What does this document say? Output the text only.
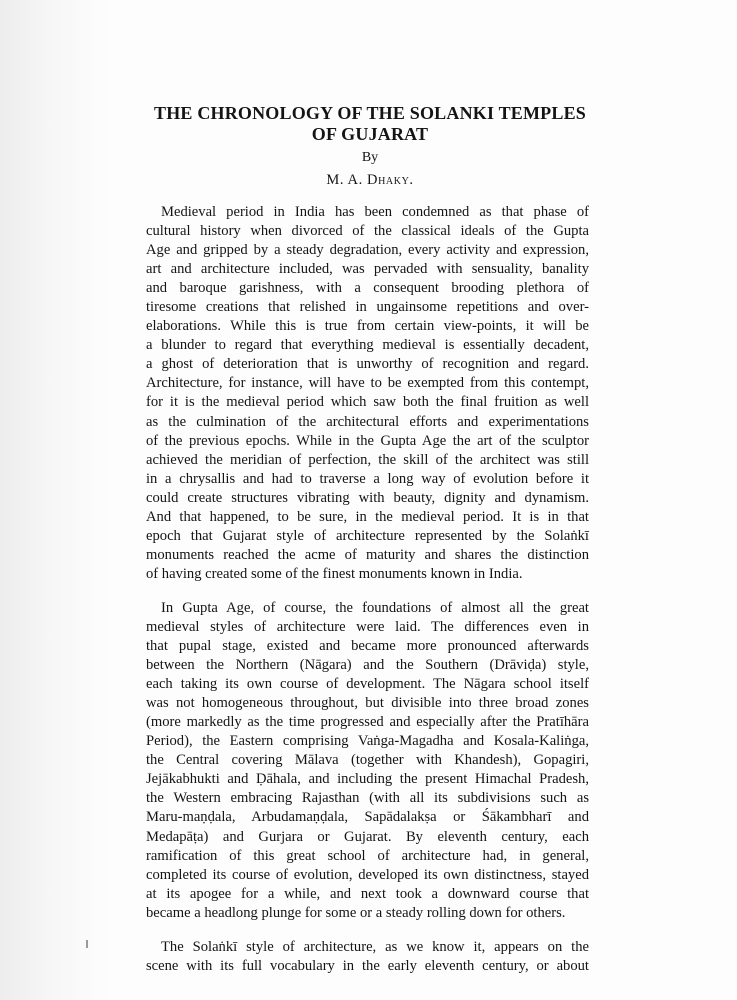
THE CHRONOLOGY OF THE SOLANKI TEMPLES
OF GUJARAT

By

M. A. Dhaky.

Medieval period in India has been condemned as that phase of
cultural history when divorced of the classical ideals of the Gupta
Age and gripped by a steady degradation, every activity and expression,
art and architecture included, was pervaded with sensuality, banality
and baroque garishness, with a consequent brooding plethora of
tiresome creations that relished in ungainsome repetitions and over-
elaborations. While this is true from certain view-points, it will be
a blunder to regard that everything medieval is essentially decadent,
a ghost of deterioration that is unworthy of recognition and regard.
Architecture, for instance, will have to be exempted from this contempt,
for it is the medieval period which saw both the final fruition as well
as the culmination of the architectural efforts and experimentations
of the previous epochs. While in the Gupta Age the art of the sculptor
achieved the meridian of perfection, the skill of the architect was still
in a chrysallis and had to traverse a long way of evolution before it
could create structures vibrating with beauty, dignity and dynamism.
And that happened, to be sure, in the medieval period. It is in that
epoch that Gujarat style of architecture represented by the Solaṅkī
monuments reached the acme of maturity and shares the distinction
of having created some of the finest monuments known in India.

In Gupta Age, of course, the foundations of almost all the great
medieval styles of architecture were laid. The differences even in
that pupal stage, existed and became more pronounced afterwards
between the Northern (Nāgara) and the Southern (Drāviḍa) style,
each taking its own course of development. The Nāgara school itself
was not homogeneous throughout, but divisible into three broad zones
(more markedly as the time progressed and especially after the Pratīhāra
Period), the Eastern comprising Vaṅga-Magadha and Kosala-Kaliṅga,
the Central covering Mālava (together with Khandesh), Gopagiri,
Jejākabhukti and Ḍāhala, and including the present Himachal Pradesh,
the Western embracing Rajasthan (with all its subdivisions such as
Maru-maṇḍala, Arbudamaṇḍala, Sapādalakṣa or Śākambharī and
Medapāṭa) and Gurjara or Gujarat. By eleventh century, each
ramification of this great school of architecture had, in general,
completed its course of evolution, developed its own distinctness, stayed
at its apogee for a while, and next took a downward course that
became a headlong plunge for some or a steady rolling down for others.

The Solaṅkī style of architecture, as we know it, appears on the
scene with its full vocabulary in the early eleventh century, or about
